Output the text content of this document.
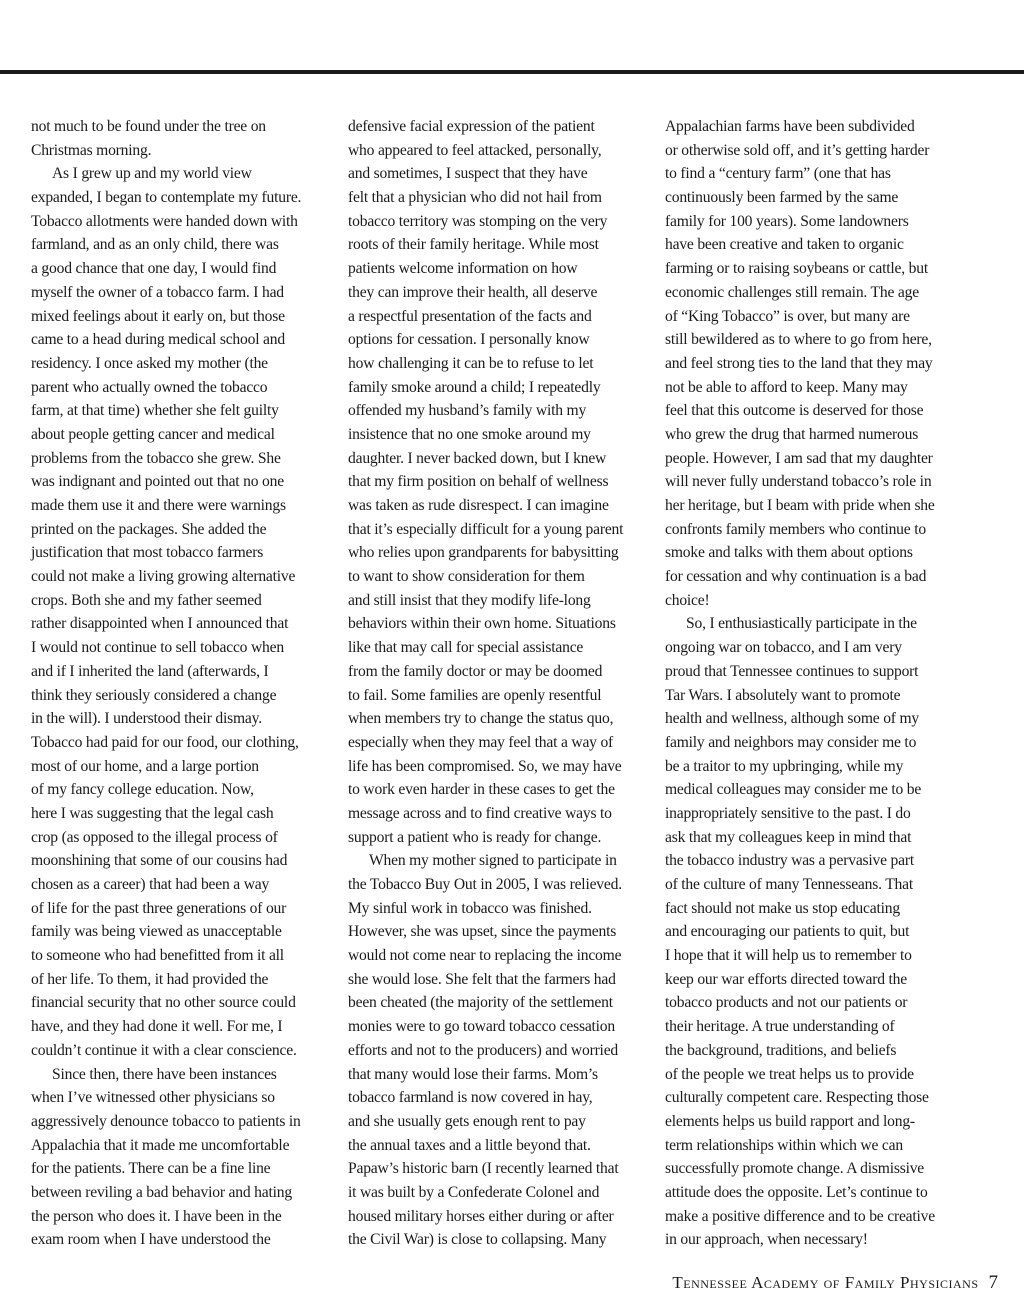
not much to be found under the tree on
Christmas morning.
As I grew up and my world view
expanded, I began to contemplate my future.
Tobacco allotments were handed down with
farmland, and as an only child, there was
a good chance that one day, I would find
myself the owner of a tobacco farm. I had
mixed feelings about it early on, but those
came to a head during medical school and
residency. I once asked my mother (the
parent who actually owned the tobacco
farm, at that time) whether she felt guilty
about people getting cancer and medical
problems from the tobacco she grew. She
was indignant and pointed out that no one
made them use it and there were warnings
printed on the packages. She added the
justification that most tobacco farmers
could not make a living growing alternative
crops. Both she and my father seemed
rather disappointed when I announced that
I would not continue to sell tobacco when
and if I inherited the land (afterwards, I
think they seriously considered a change
in the will). I understood their dismay.
Tobacco had paid for our food, our clothing,
most of our home, and a large portion
of my fancy college education. Now,
here I was suggesting that the legal cash
crop (as opposed to the illegal process of
moonshining that some of our cousins had
chosen as a career) that had been a way
of life for the past three generations of our
family was being viewed as unacceptable
to someone who had benefitted from it all
of her life. To them, it had provided the
financial security that no other source could
have, and they had done it well. For me, I
couldn’t continue it with a clear conscience.
Since then, there have been instances
when I’ve witnessed other physicians so
aggressively denounce tobacco to patients in
Appalachia that it made me uncomfortable
for the patients. There can be a fine line
between reviling a bad behavior and hating
the person who does it. I have been in the
exam room when I have understood the
defensive facial expression of the patient
who appeared to feel attacked, personally,
and sometimes, I suspect that they have
felt that a physician who did not hail from
tobacco territory was stomping on the very
roots of their family heritage. While most
patients welcome information on how
they can improve their health, all deserve
a respectful presentation of the facts and
options for cessation. I personally know
how challenging it can be to refuse to let
family smoke around a child; I repeatedly
offended my husband’s family with my
insistence that no one smoke around my
daughter. I never backed down, but I knew
that my firm position on behalf of wellness
was taken as rude disrespect. I can imagine
that it’s especially difficult for a young parent
who relies upon grandparents for babysitting
to want to show consideration for them
and still insist that they modify life-long
behaviors within their own home. Situations
like that may call for special assistance
from the family doctor or may be doomed
to fail. Some families are openly resentful
when members try to change the status quo,
especially when they may feel that a way of
life has been compromised. So, we may have
to work even harder in these cases to get the
message across and to find creative ways to
support a patient who is ready for change.
When my mother signed to participate in
the Tobacco Buy Out in 2005, I was relieved.
My sinful work in tobacco was finished.
However, she was upset, since the payments
would not come near to replacing the income
she would lose. She felt that the farmers had
been cheated (the majority of the settlement
monies were to go toward tobacco cessation
efforts and not to the producers) and worried
that many would lose their farms. Mom’s
tobacco farmland is now covered in hay,
and she usually gets enough rent to pay
the annual taxes and a little beyond that.
Papaw’s historic barn (I recently learned that
it was built by a Confederate Colonel and
housed military horses either during or after
the Civil War) is close to collapsing. Many
Appalachian farms have been subdivided
or otherwise sold off, and it’s getting harder
to find a “century farm” (one that has
continuously been farmed by the same
family for 100 years). Some landowners
have been creative and taken to organic
farming or to raising soybeans or cattle, but
economic challenges still remain. The age
of “King Tobacco” is over, but many are
still bewildered as to where to go from here,
and feel strong ties to the land that they may
not be able to afford to keep. Many may
feel that this outcome is deserved for those
who grew the drug that harmed numerous
people. However, I am sad that my daughter
will never fully understand tobacco’s role in
her heritage, but I beam with pride when she
confronts family members who continue to
smoke and talks with them about options
for cessation and why continuation is a bad
choice!
So, I enthusiastically participate in the
ongoing war on tobacco, and I am very
proud that Tennessee continues to support
Tar Wars. I absolutely want to promote
health and wellness, although some of my
family and neighbors may consider me to
be a traitor to my upbringing, while my
medical colleagues may consider me to be
inappropriately sensitive to the past. I do
ask that my colleagues keep in mind that
the tobacco industry was a pervasive part
of the culture of many Tennesseans. That
fact should not make us stop educating
and encouraging our patients to quit, but
I hope that it will help us to remember to
keep our war efforts directed toward the
tobacco products and not our patients or
their heritage. A true understanding of
the background, traditions, and beliefs
of the people we treat helps us to provide
culturally competent care. Respecting those
elements helps us build rapport and long-
term relationships within which we can
successfully promote change. A dismissive
attitude does the opposite. Let’s continue to
make a positive difference and to be creative
in our approach, when necessary!
Tennessee Academy of Family Physicians 7
